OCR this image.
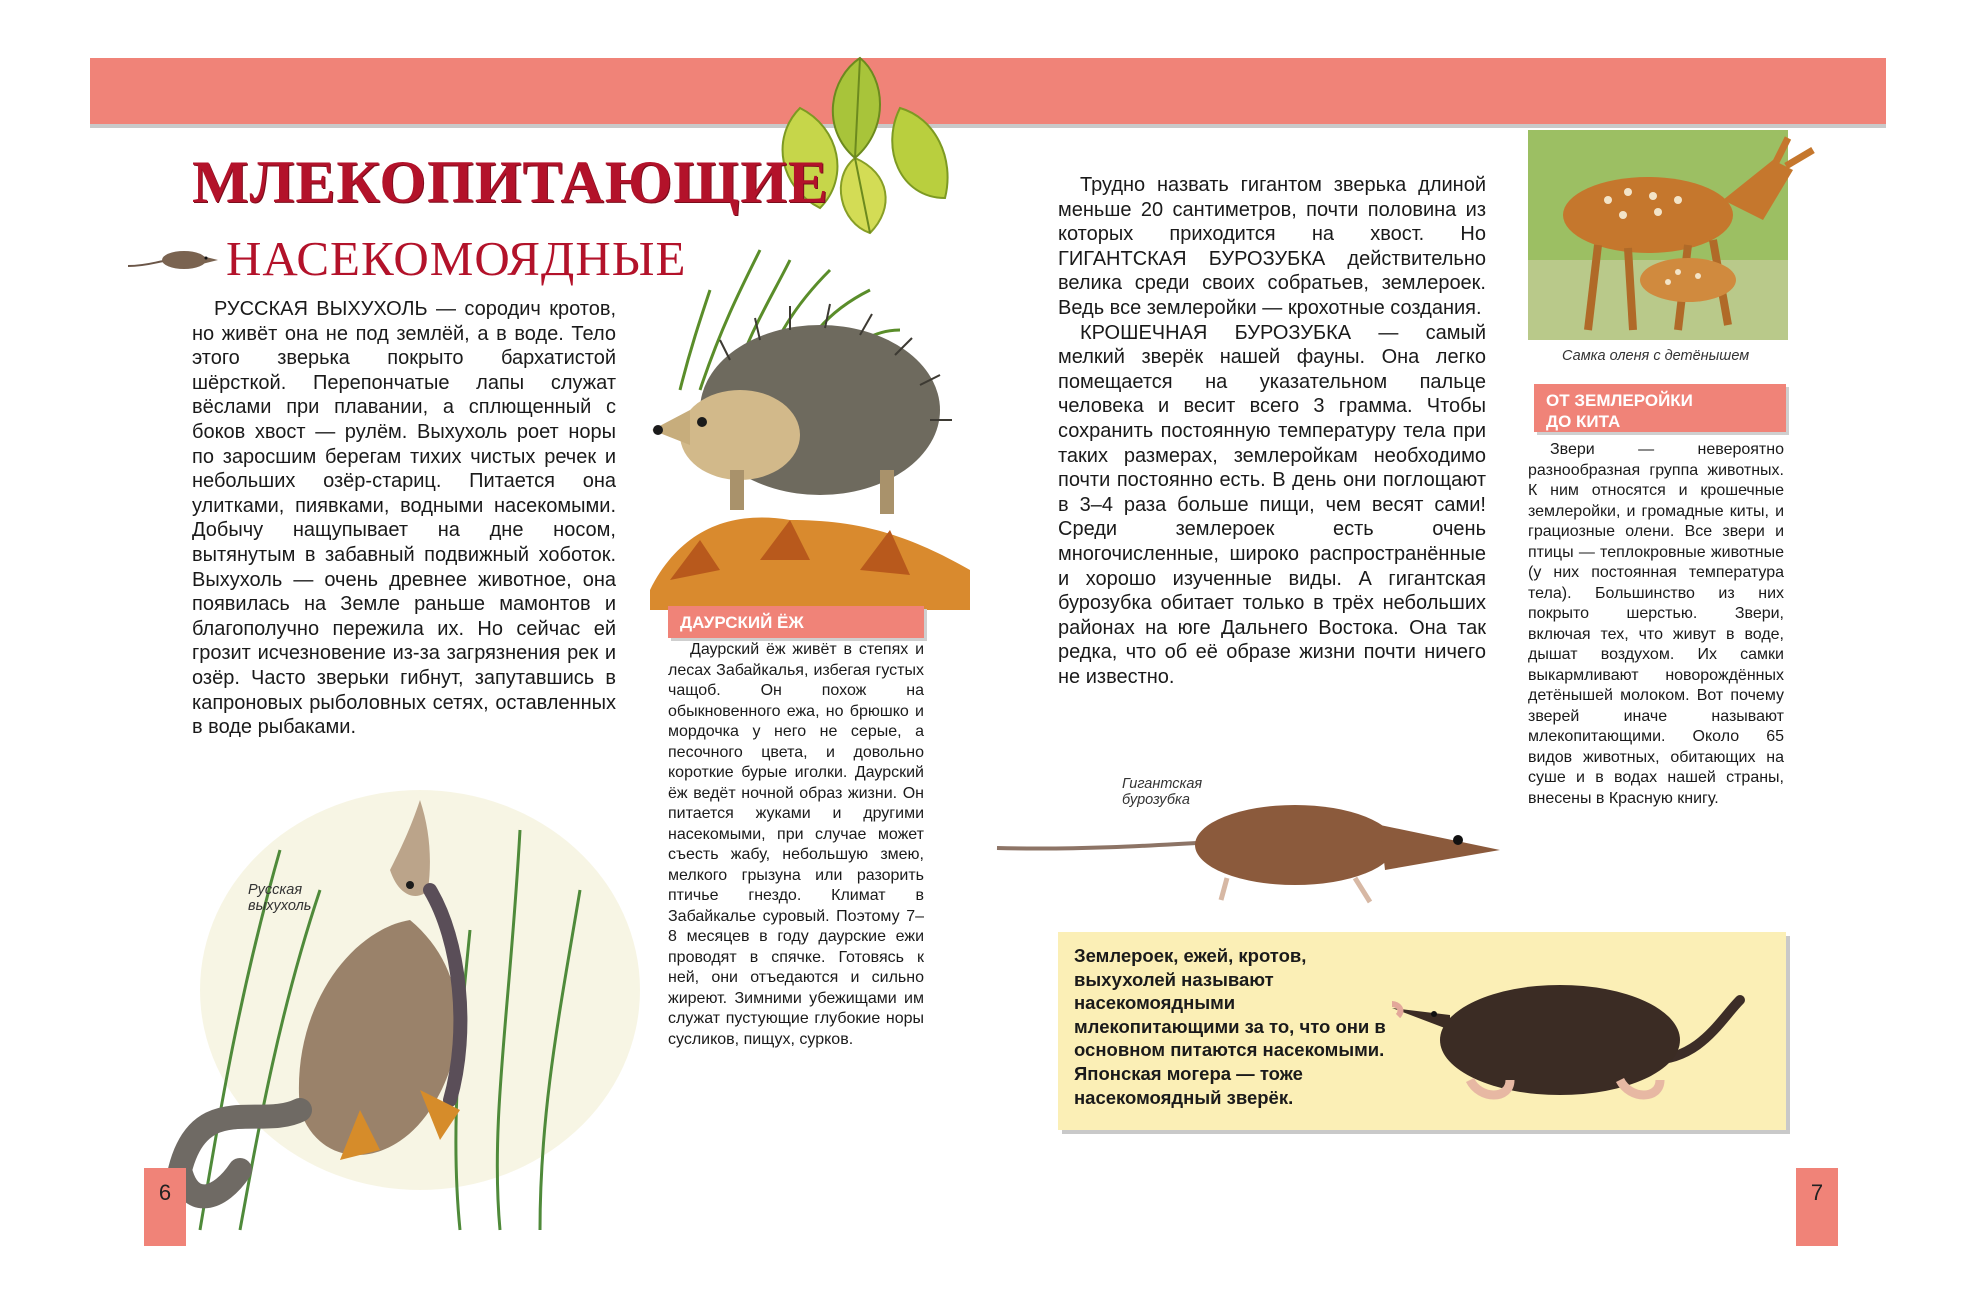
МЛЕКОПИТАЮЩИЕ
НАСЕКОМОЯДНЫЕ

РУССКАЯ ВЫХУХОЛЬ — сородич кротов, но живёт она не под землёй, а в воде. Тело этого зверька покрыто бархатистой шёрсткой. Перепончатые лапы служат вёслами при плавании, а сплющенный с боков хвост — рулём. Выхухоль роет норы по заросшим берегам тихих чистых речек и небольших озёр-стариц. Питается она улитками, пиявками, водными насекомыми. Добычу нащупывает на дне носом, вытянутым в забавный подвижный хоботок. Выхухоль — очень древнее животное, она появилась на Земле раньше мамонтов и благополучно пережила их. Но сейчас ей грозит исчезновение из-за загрязнения рек и озёр. Часто зверьки гибнут, запутавшись в капроновых рыболовных сетях, оставленных в воде рыбаками.

ДАУРСКИЙ ЁЖ

Даурский ёж живёт в степях и лесах Забайкалья, избегая густых чащоб. Он похож на обыкновенного ежа, но брюшко и мордочка у него не серые, а песочного цвета, и довольно короткие бурые иголки. Даурский ёж ведёт ночной образ жизни. Он питается жуками и другими насекомыми, при случае может съесть жабу, небольшую змею, мелкого грызуна или разорить птичье гнездо. Климат в Забайкалье суровый. Поэтому 7–8 месяцев в году даурские ежи проводят в спячке. Готовясь к ней, они отъедаются и сильно жиреют. Зимними убежищами им служат пустующие глубокие норы сусликов, пищух, сурков.

Русская
выхухоль
6

Трудно назвать гигантом зверька длиной меньше 20 сантиметров, почти половина из которых приходится на хвост. Но ГИГАНТСКАЯ БУРОЗУБКА действительно велика среди своих собратьев, землероек. Ведь все землеройки — крохотные создания.

КРОШЕЧНАЯ БУРОЗУБКА — самый мелкий зверёк нашей фауны. Она легко помещается на указательном пальце человека и весит всего 3 грамма. Чтобы сохранить постоянную температуру тела при таких размерах, землеройкам необходимо почти постоянно есть. В день они поглощают в 3–4 раза больше пищи, чем весят сами! Среди землероек есть очень многочисленные, широко распространённые и хорошо изученные виды. А гигантская бурозубка обитает только в трёх небольших районах на юге Дальнего Востока. Она так редка, что об её образе жизни почти ничего не известно.

Самка оленя с детёнышем
ОТ ЗЕМЛЕРОЙКИ
ДО КИТА

Звери — невероятно разнообразная группа животных. К ним относятся и крошечные землеройки, и громадные киты, и грациозные олени. Все звери и птицы — теплокровные животные (у них постоянная температура тела). Большинство из них покрыто шерстью. Звери, включая тех, что живут в воде, дышат воздухом. Их самки выкармливают новорождённых детёнышей молоком. Вот почему зверей иначе называют млекопитающими. Около 65 видов животных, обитающих на суше и в водах нашей страны, внесены в Красную книгу.

Гигантская
бурозубка

Землероек, ежей, кротов, выхухолей называют насекомоядными млекопитающими за то, что они в основном питаются насекомыми. Японская могера — тоже насекомоядный зверёк.

7
